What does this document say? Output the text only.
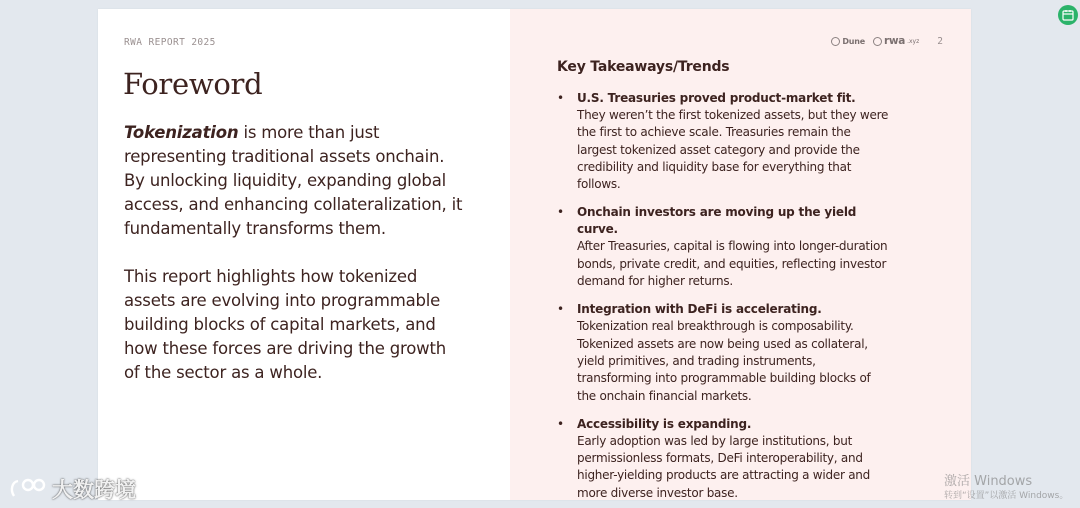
RWA REPORT 2025
Foreword

Tokenization is more than just representing traditional assets onchain. By unlocking liquidity, expanding global access, and enhancing collateralization, it fundamentally transforms them.

This report highlights how tokenized assets are evolving into programmable building blocks of capital markets, and how these forces are driving the growth of the sector as a whole.

Dune rwa .xyz 2
Key Takeaways/Trends
• U.S. Treasuries proved product-market fit.
They weren’t the first tokenized assets, but they were the first to achieve scale. Treasuries remain the largest tokenized asset category and provide the credibility and liquidity base for everything that follows.
• Onchain investors are moving up the yield curve.
After Treasuries, capital is flowing into longer-duration bonds, private credit, and equities, reflecting investor demand for higher returns.
• Integration with DeFi is accelerating.
Tokenization real breakthrough is composability. Tokenized assets are now being used as collateral, yield primitives, and trading instruments, transforming into programmable building blocks of the onchain financial markets.
• Accessibility is expanding.
Early adoption was led by large institutions, but permissionless formats, DeFi interoperability, and higher-yielding products are attracting a wider and more diverse investor base.
大数跨境	激活 Windows
转到“设置”以激活 Windows。
